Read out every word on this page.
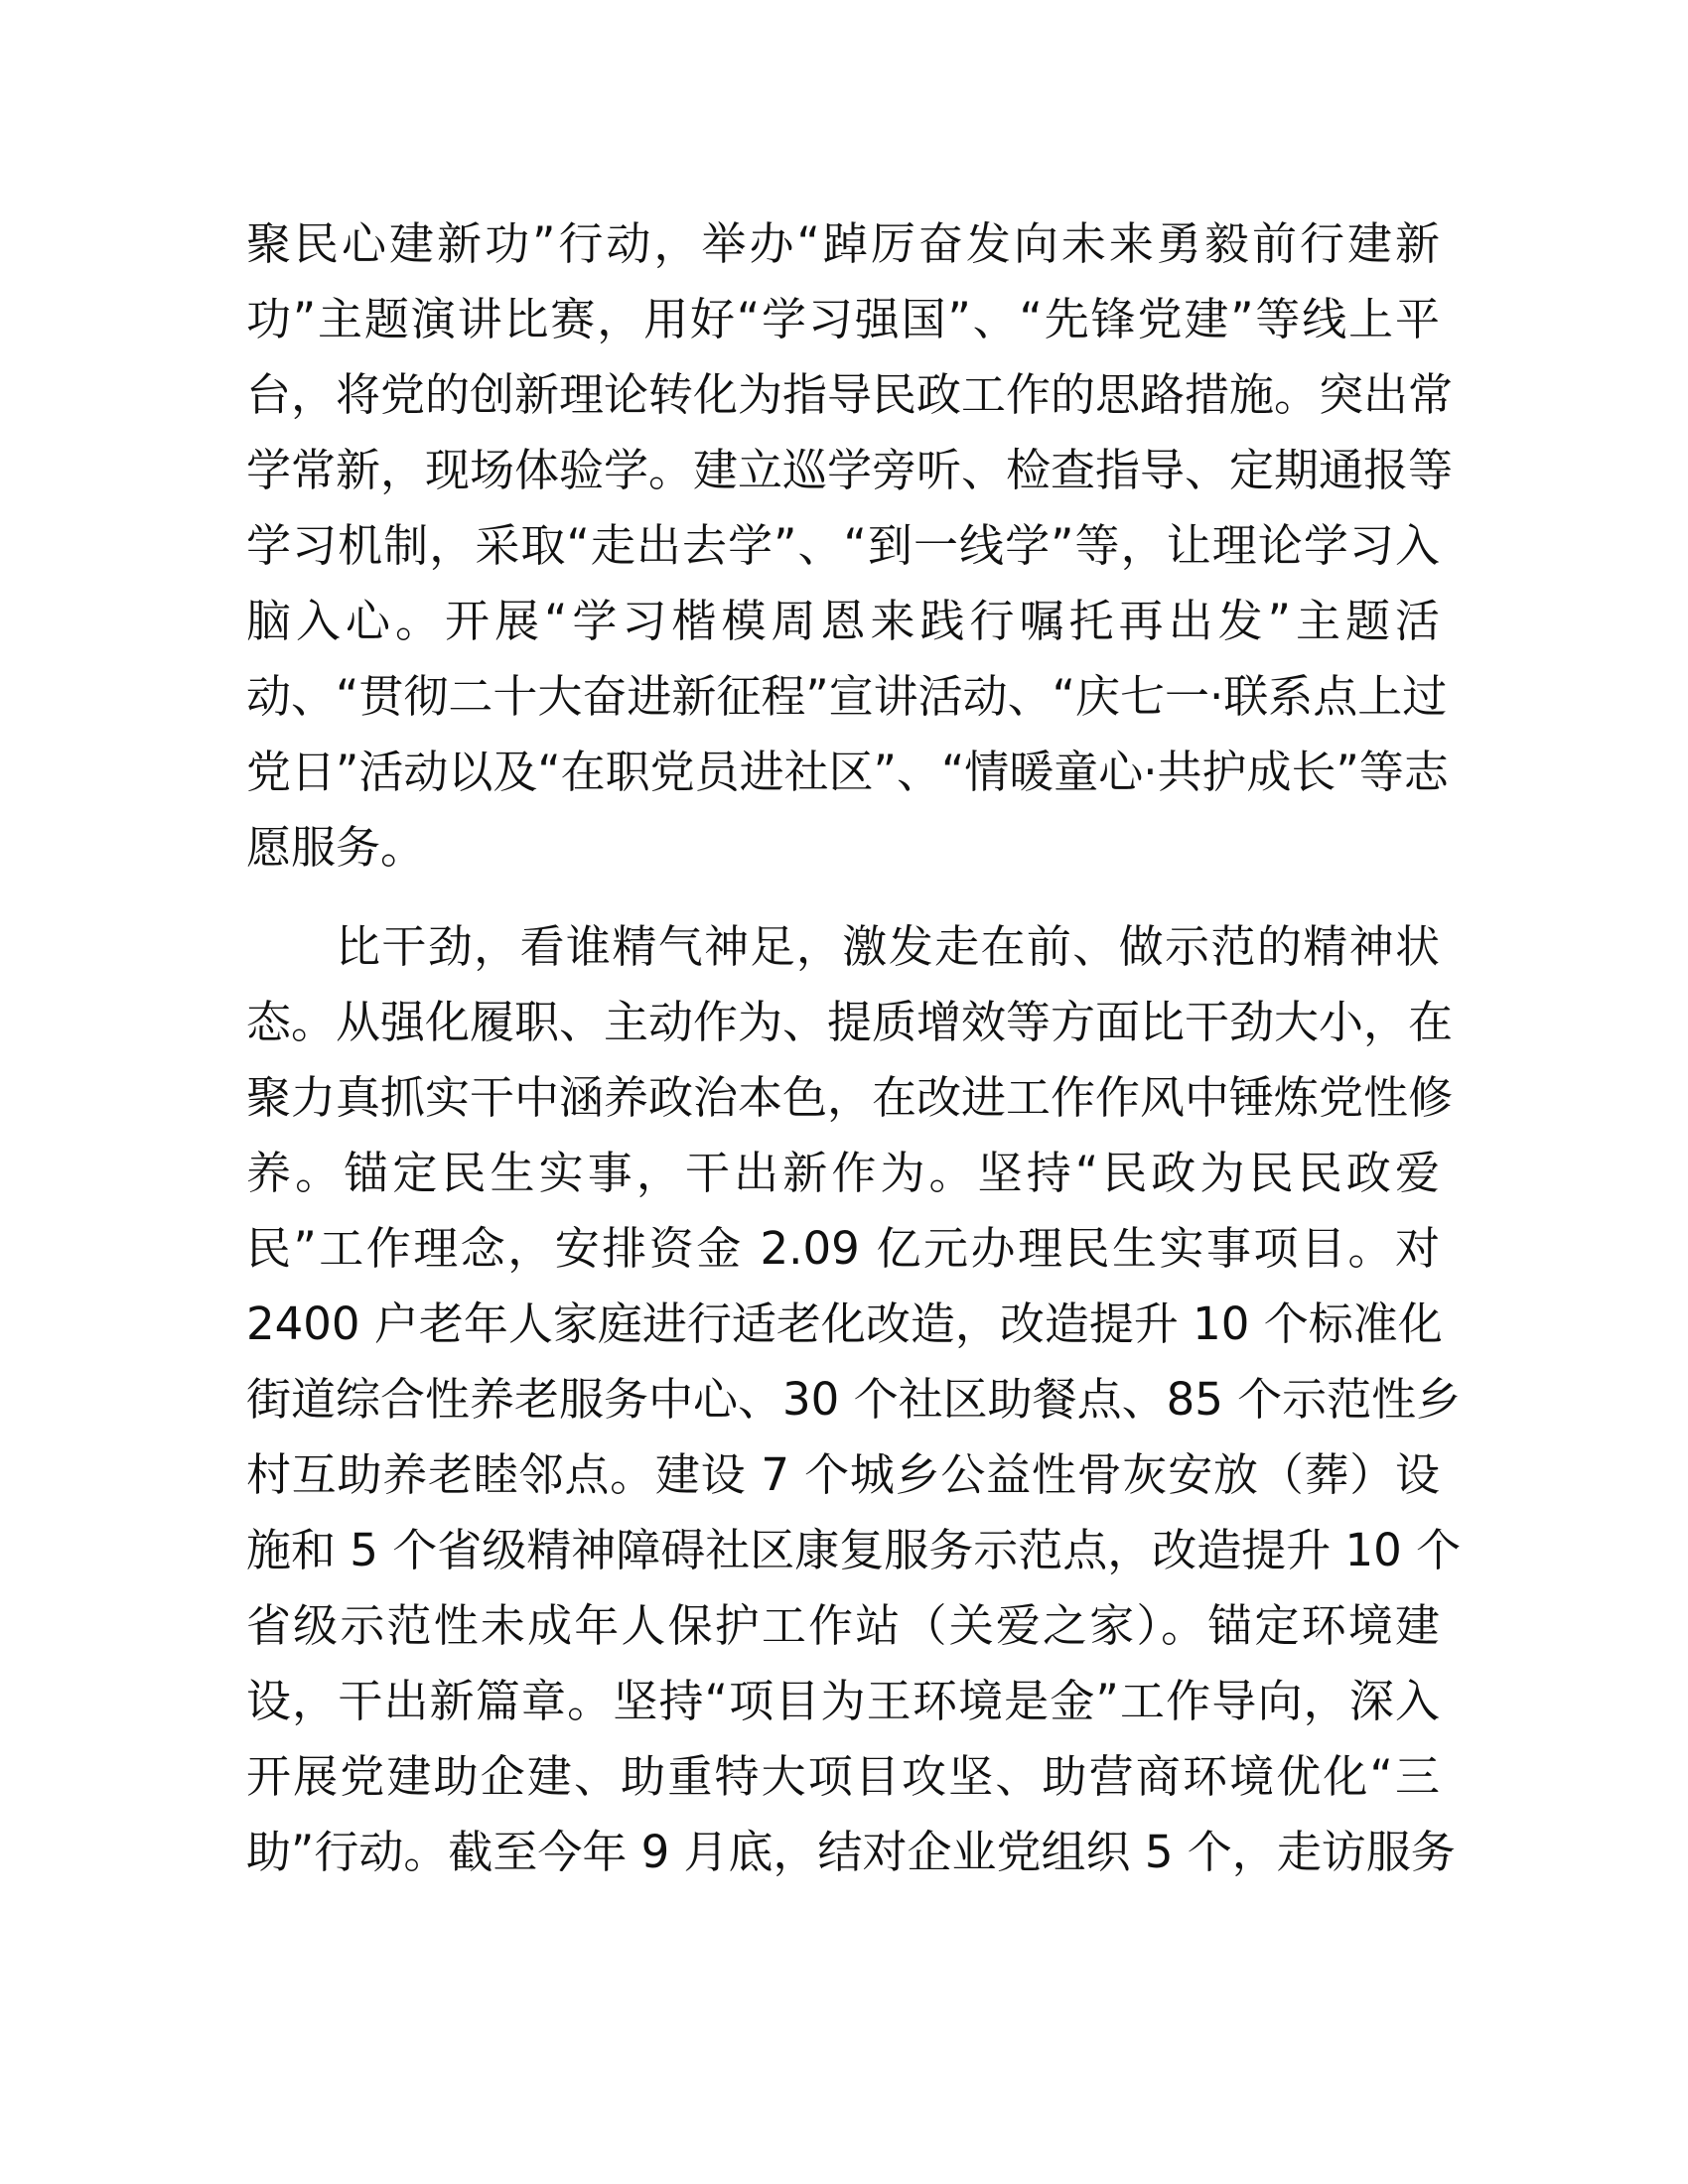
聚民心建新功”行动，举办“踔厉奋发向未来勇毅前行建新
功”主题演讲比赛，用好“学习强国”、“先锋党建”等线上平
台，将党的创新理论转化为指导民政工作的思路措施。突出常
学常新，现场体验学。建立巡学旁听、检查指导、定期通报等
学习机制，采取“走出去学”、“到一线学”等，让理论学习入
脑入心。开展“学习楷模周恩来践行嘱托再出发”主题活
动、“贯彻二十大奋进新征程”宣讲活动、“庆七一·联系点上过
党日”活动以及“在职党员进社区”、“情暖童心·共护成长”等志
愿服务。
比干劲，看谁精气神足，激发走在前、做示范的精神状
态。从强化履职、主动作为、提质增效等方面比干劲大小，在
聚力真抓实干中涵养政治本色，在改进工作作风中锤炼党性修
养。锚定民生实事，干出新作为。坚持“民政为民民政爱
民”工作理念，安排资金 2.09 亿元办理民生实事项目。对
2400 户老年人家庭进行适老化改造，改造提升 10 个标准化
街道综合性养老服务中心、30 个社区助餐点、85 个示范性乡
村互助养老睦邻点。建设 7 个城乡公益性骨灰安放（葬）设
施和 5 个省级精神障碍社区康复服务示范点，改造提升 10 个
省级示范性未成年人保护工作站（关爱之家）。锚定环境建
设，干出新篇章。坚持“项目为王环境是金”工作导向，深入
开展党建助企建、助重特大项目攻坚、助营商环境优化“三
助”行动。截至今年 9 月底，结对企业党组织 5 个，走访服务
